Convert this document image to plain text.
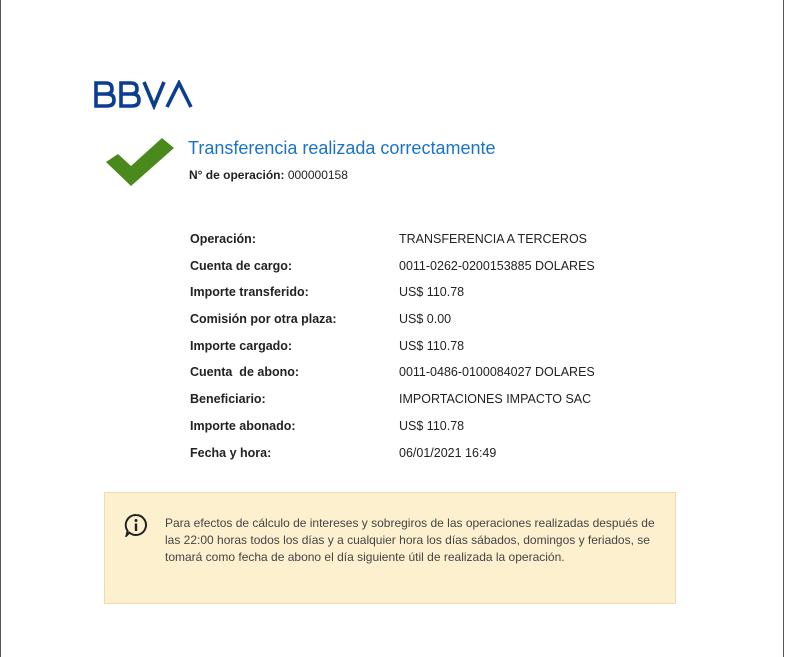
Transferencia realizada correctamente
N° de operación: 000000158
Operación:	TRANSFERENCIA A TERCEROS
Cuenta de cargo:	0011-0262-0200153885 DOLARES
Importe transferido:	US$ 110.78
Comisión por otra plaza:	US$ 0.00
Importe cargado:	US$ 110.78
Cuenta  de abono:	0011-0486-0100084027 DOLARES
Beneficiario:	IMPORTACIONES IMPACTO SAC
Importe abonado:	US$ 110.78
Fecha y hora:	06/01/2021 16:49
Para efectos de cálculo de intereses y sobregiros de las operaciones realizadas después de las 22:00 horas todos los días y a cualquier hora los días sábados, domingos y feriados, se tomará como fecha de abono el día siguiente útil de realizada la operación.
